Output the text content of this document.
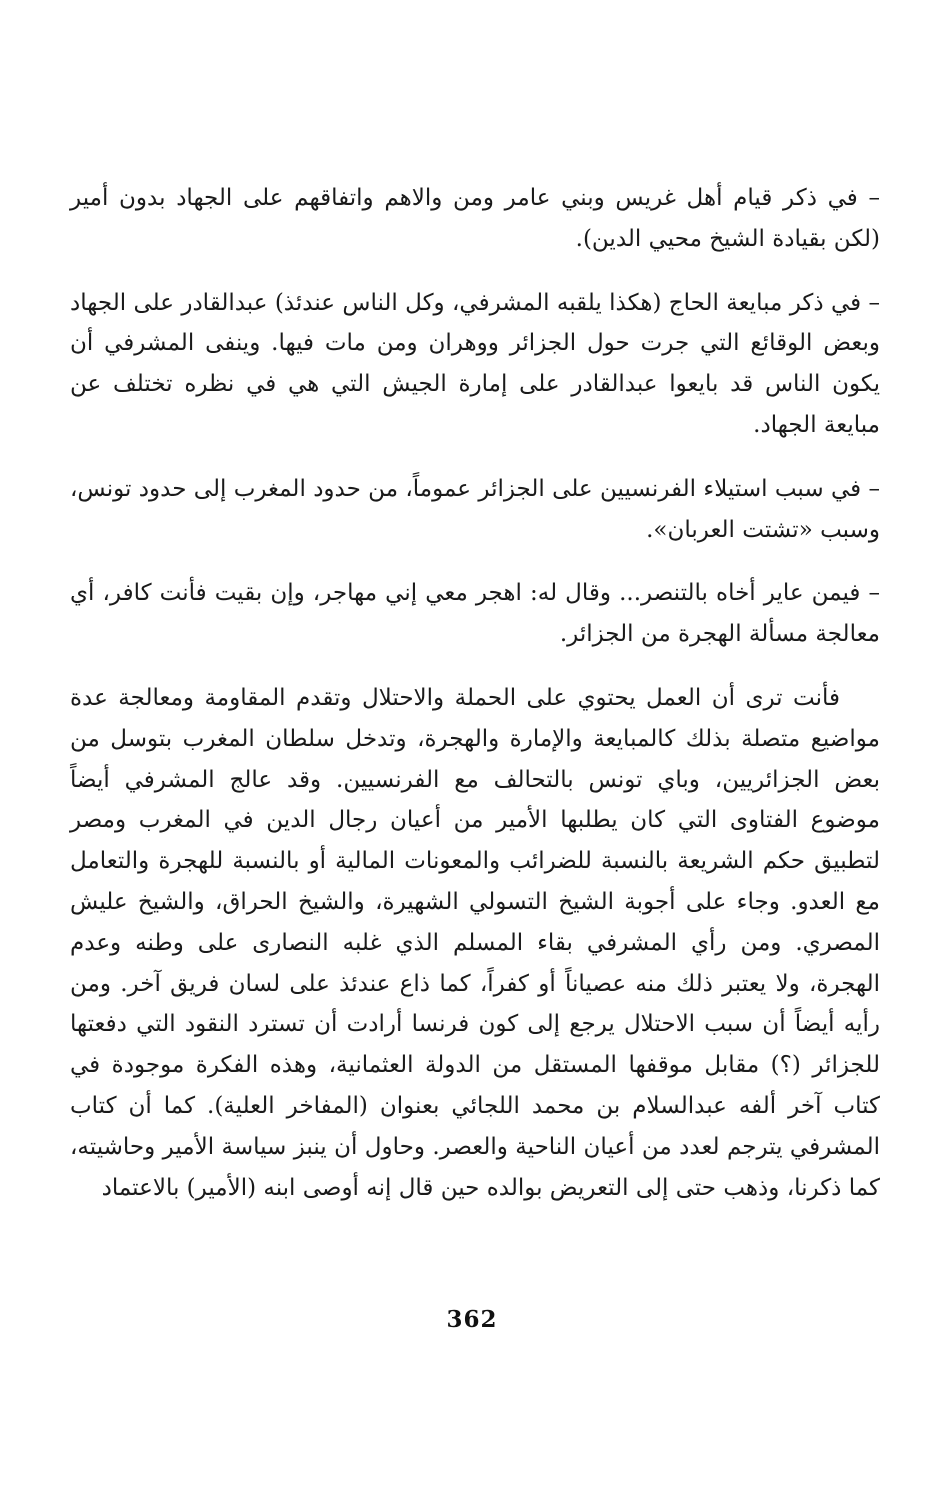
– في ذكر قيام أهل غريس وبني عامر ومن والاهم واتفاقهم على الجهاد بدون أمير (لكن بقيادة الشيخ محيي الدين).

– في ذكر مبايعة الحاج (هكذا يلقبه المشرفي، وكل الناس عندئذ) عبدالقادر على الجهاد وبعض الوقائع التي جرت حول الجزائر ووهران ومن مات فيها. وينفى المشرفي أن يكون الناس قد بايعوا عبدالقادر على إمارة الجيش التي هي في نظره تختلف عن مبايعة الجهاد.

– في سبب استيلاء الفرنسيين على الجزائر عموماً، من حدود المغرب إلى حدود تونس، وسبب «تشتت العربان».

– فيمن عاير أخاه بالتنصر... وقال له: اهجر معي إني مهاجر، وإن بقيت فأنت كافر، أي معالجة مسألة الهجرة من الجزائر.

فأنت ترى أن العمل يحتوي على الحملة والاحتلال وتقدم المقاومة ومعالجة عدة مواضيع متصلة بذلك كالمبايعة والإمارة والهجرة، وتدخل سلطان المغرب بتوسل من بعض الجزائريين، وباي تونس بالتحالف مع الفرنسيين. وقد عالج المشرفي أيضاً موضوع الفتاوى التي كان يطلبها الأمير من أعيان رجال الدين في المغرب ومصر لتطبيق حكم الشريعة بالنسبة للضرائب والمعونات المالية أو بالنسبة للهجرة والتعامل مع العدو. وجاء على أجوبة الشيخ التسولي الشهيرة، والشيخ الحراق، والشيخ عليش المصري. ومن رأي المشرفي بقاء المسلم الذي غلبه النصارى على وطنه وعدم الهجرة، ولا يعتبر ذلك منه عصياناً أو كفراً، كما ذاع عندئذ على لسان فريق آخر. ومن رأيه أيضاً أن سبب الاحتلال يرجع إلى كون فرنسا أرادت أن تسترد النقود التي دفعتها للجزائر (؟) مقابل موقفها المستقل من الدولة العثمانية، وهذه الفكرة موجودة في كتاب آخر ألفه عبدالسلام بن محمد اللجائي بعنوان (المفاخر العلية). كما أن كتاب المشرفي يترجم لعدد من أعيان الناحية والعصر. وحاول أن ينبز سياسة الأمير وحاشيته، كما ذكرنا، وذهب حتى إلى التعريض بوالده حين قال إنه أوصى ابنه (الأمير) بالاعتماد

362
